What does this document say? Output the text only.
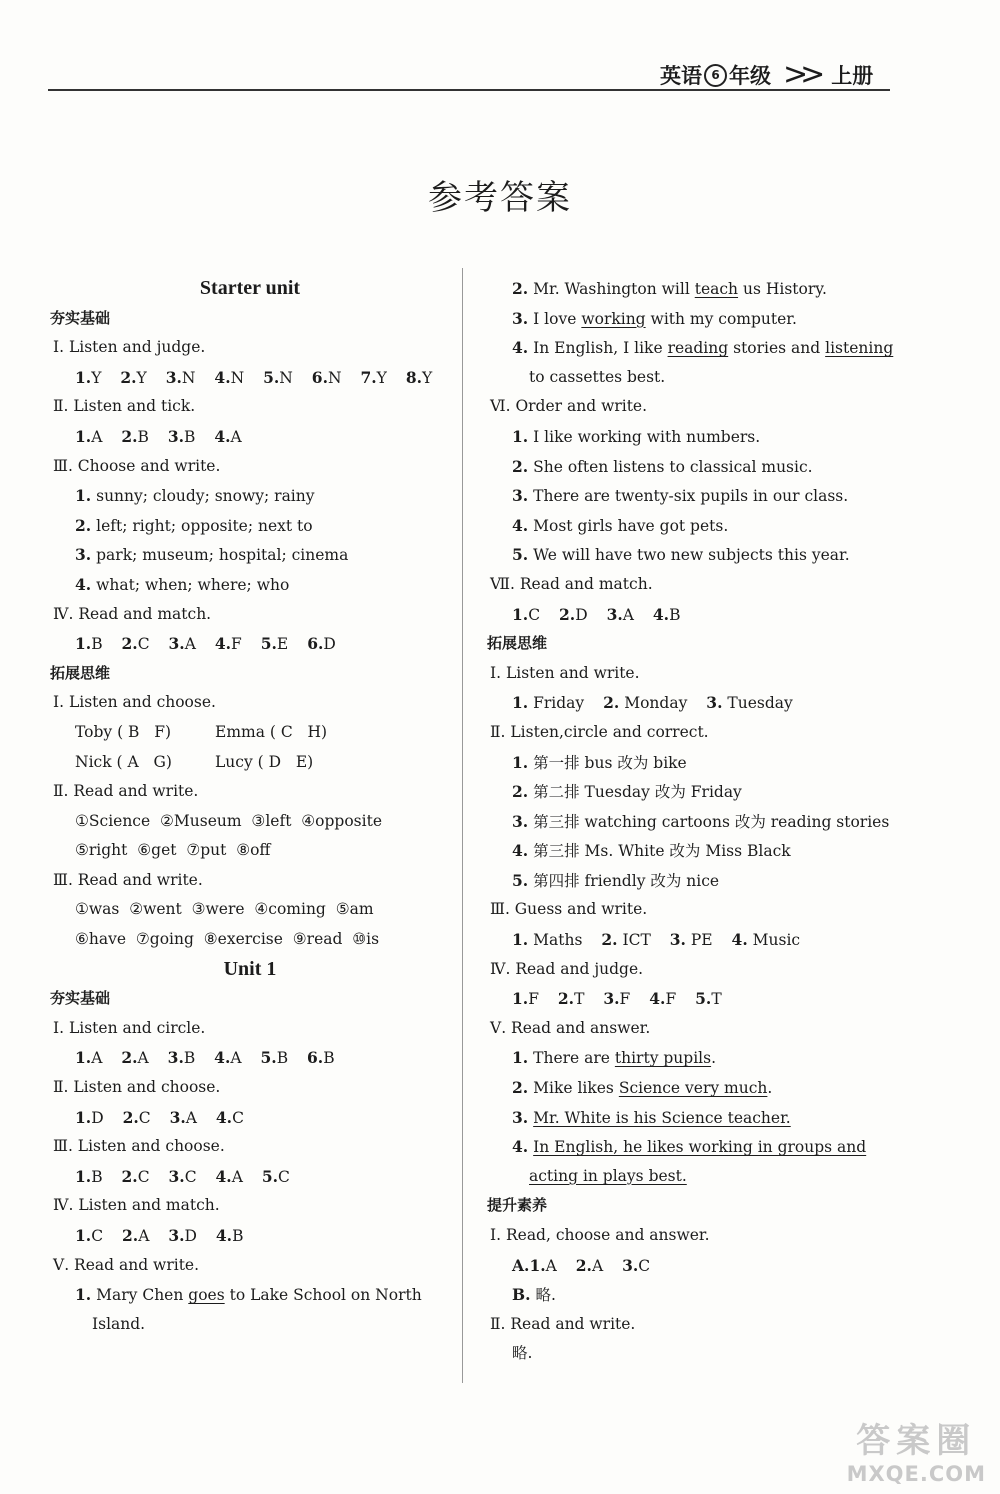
英语 6 年级 >> 上册
参考答案
Starter unit
夯实基础
Ⅰ. Listen and judge.
1.Y 2.Y 3.N 4.N 5.N 6.N 7.Y 8.Y
Ⅱ. Listen and tick.
1.A 2.B 3.B 4.A
Ⅲ. Choose and write.
1. sunny; cloudy; snowy; rainy
2. left; right; opposite; next to
3. park; museum; hospital; cinema
4. what; when; where; who
Ⅳ. Read and match.
1.B 2.C 3.A 4.F 5.E 6.D
拓展思维
Ⅰ. Listen and choose.
Toby ( B   F)	Emma ( C   H)
Nick ( A   G)	Lucy ( D   E)
Ⅱ. Read and write.
①Science  ②Museum  ③left  ④opposite
⑤right  ⑥get  ⑦put  ⑧off
Ⅲ. Read and write.
①was  ②went  ③were  ④coming  ⑤am
⑥have  ⑦going  ⑧exercise  ⑨read  ⑩is
Unit 1
夯实基础
Ⅰ. Listen and circle.
1.A 2.A 3.B 4.A 5.B 6.B
Ⅱ. Listen and choose.
1.D 2.C 3.A 4.C
Ⅲ. Listen and choose.
1.B 2.C 3.C 4.A 5.C
Ⅳ. Listen and match.
1.C 2.A 3.D 4.B
Ⅴ. Read and write.
1. Mary Chen goes to Lake School on North
Island.
2. Mr. Washington will teach us History.
3. I love working with my computer.
4. In English, I like reading stories and listening
to cassettes best.
Ⅵ. Order and write.
1. I like working with numbers.
2. She often listens to classical music.
3. There are twenty-six pupils in our class.
4. Most girls have got pets.
5. We will have two new subjects this year.
Ⅶ. Read and match.
1.C 2.D 3.A 4.B
拓展思维
Ⅰ. Listen and write.
1. Friday 2. Monday 3. Tuesday
Ⅱ. Listen,circle and correct.
1. 第一排 bus 改为 bike
2. 第二排 Tuesday 改为 Friday
3. 第三排 watching cartoons 改为 reading stories
4. 第三排 Ms. White 改为 Miss Black
5. 第四排 friendly 改为 nice
Ⅲ. Guess and write.
1. Maths 2. ICT 3. PE 4. Music
Ⅳ. Read and judge.
1.F 2.T 3.F 4.F 5.T
Ⅴ. Read and answer.
1. There are thirty pupils.
2. Mike likes Science very much.
3. Mr. White is his Science teacher.
4. In English, he likes working in groups and
acting in plays best.
提升素养
Ⅰ. Read, choose and answer.
A.1.A 2.A 3.C
B. 略.
Ⅱ. Read and write.
略.
答案圈
MXQE.COM
